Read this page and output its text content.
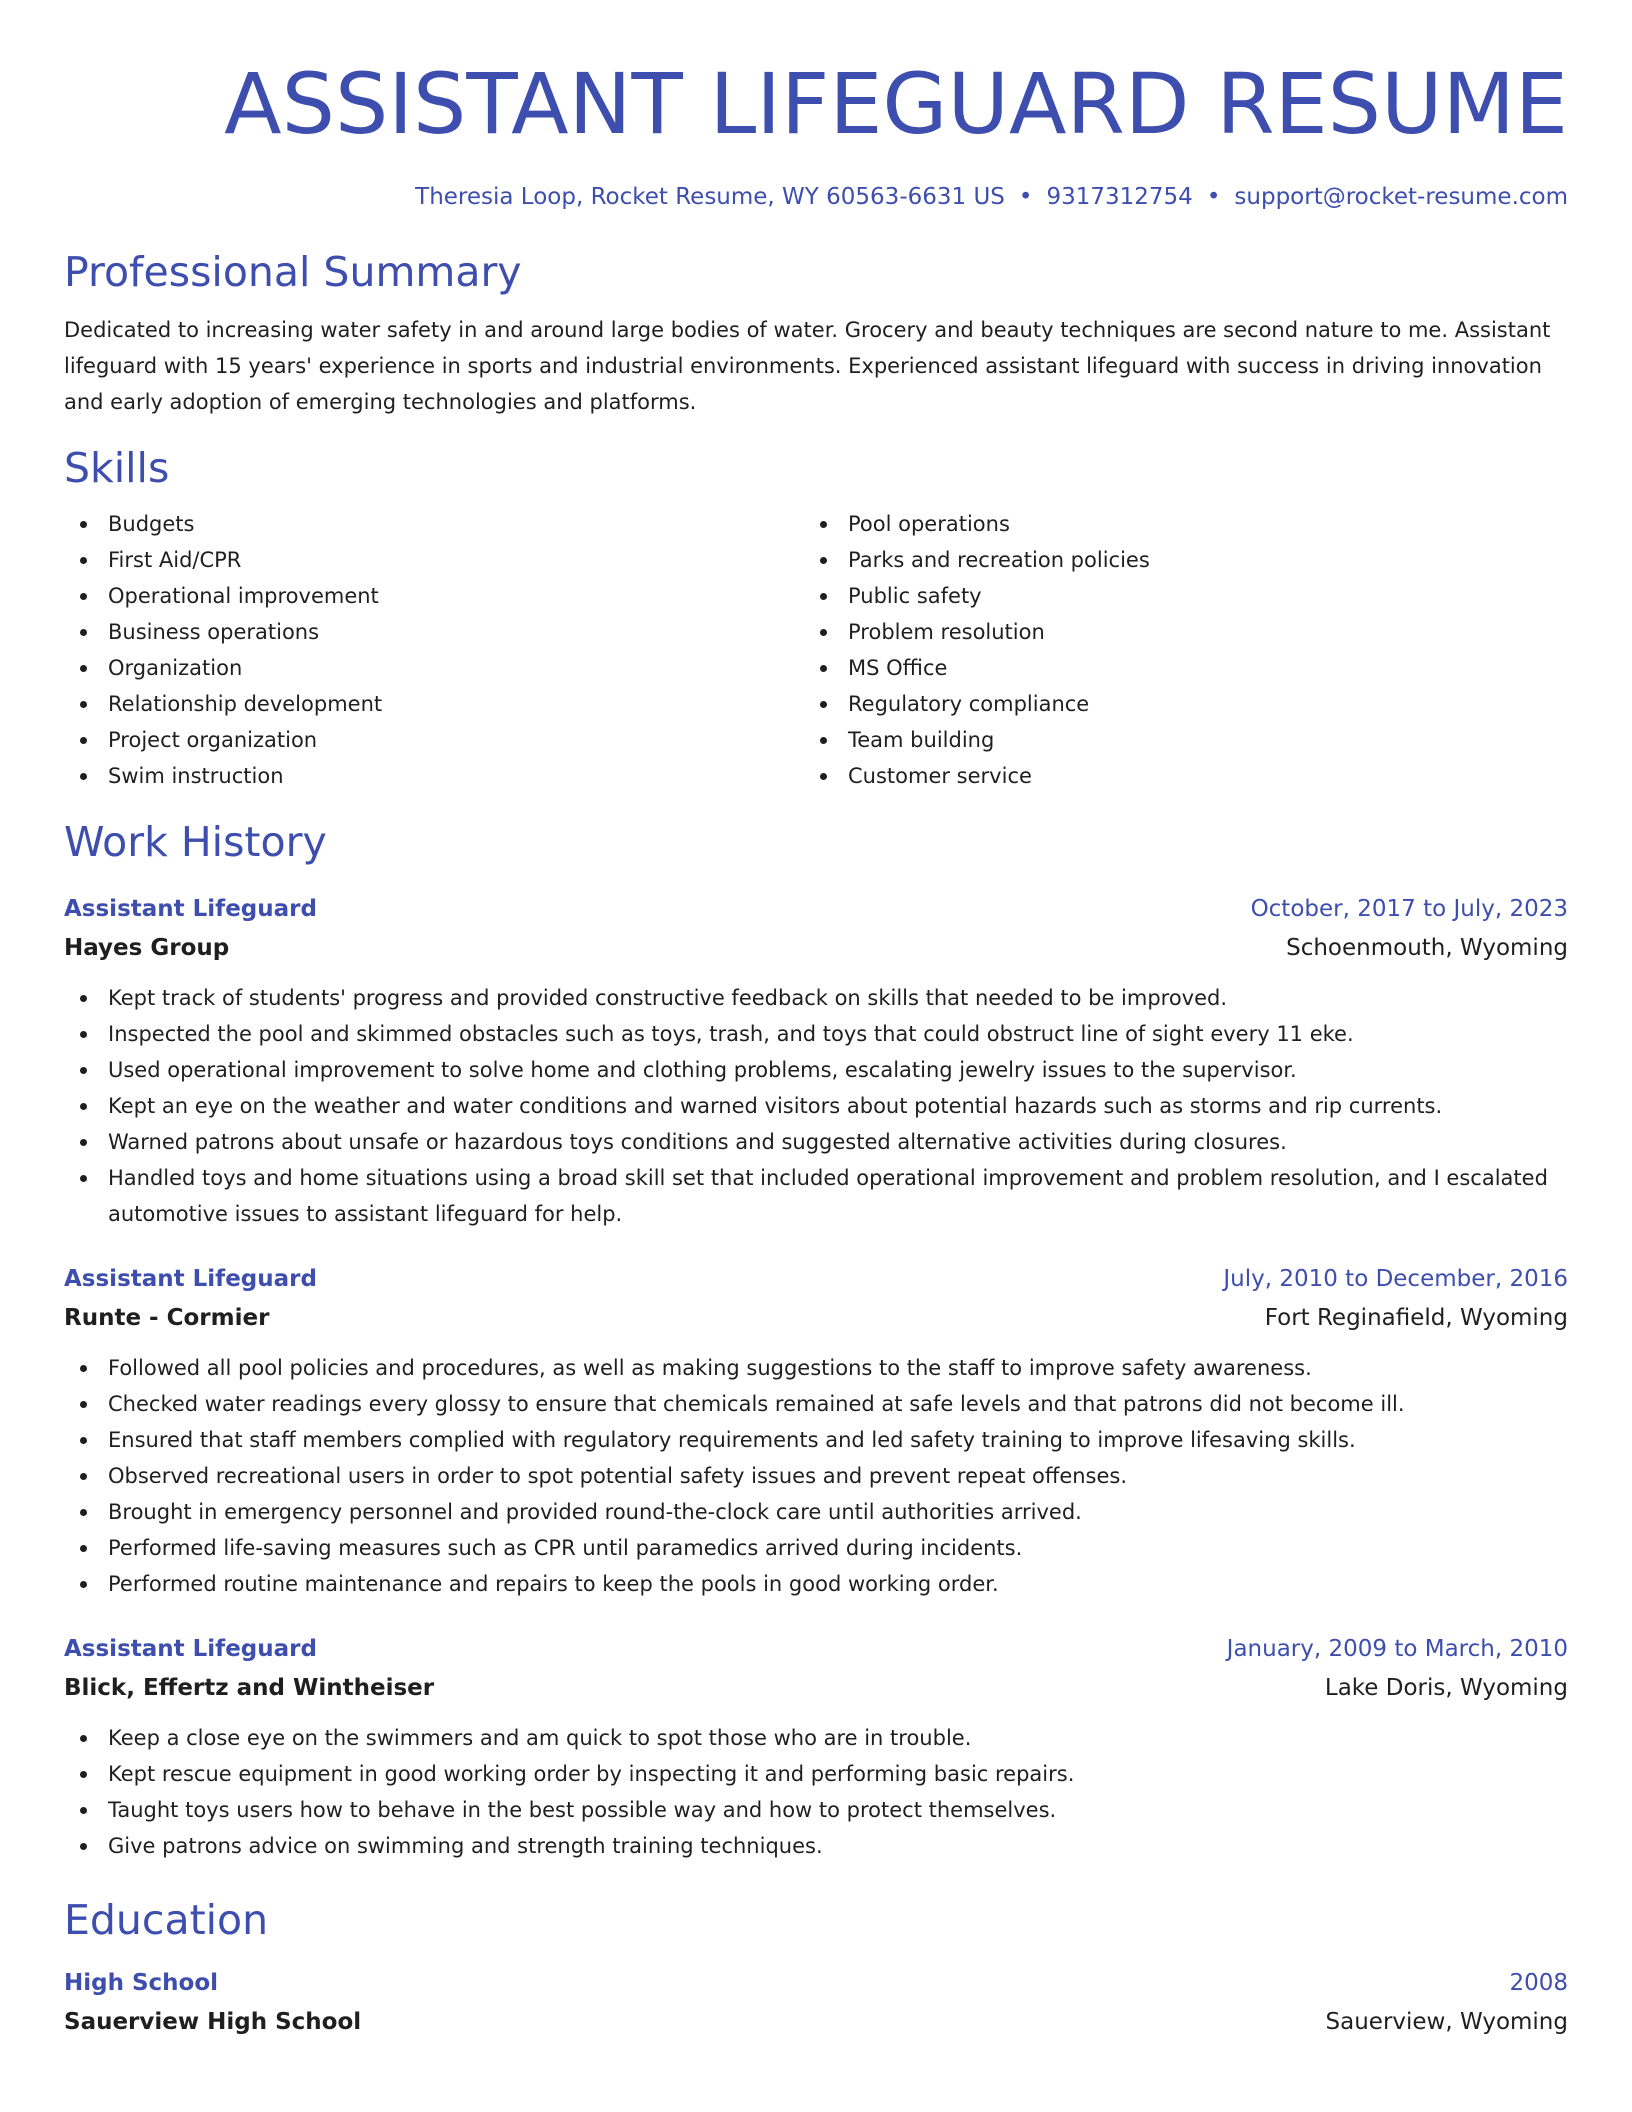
ASSISTANT LIFEGUARD RESUME
Theresia Loop, Rocket Resume, WY 60563-6631 US • 9317312754 • support@rocket-resume.com
Professional Summary

Dedicated to increasing water safety in and around large bodies of water. Grocery and beauty techniques are second nature to me. Assistant lifeguard with 15 years' experience in sports and industrial environments. Experienced assistant lifeguard with success in driving innovation and early adoption of emerging technologies and platforms.

Skills
Budgets
First Aid/CPR
Operational improvement
Business operations
Organization
Relationship development
Project organization
Swim instruction
Pool operations
Parks and recreation policies
Public safety
Problem resolution
MS Office
Regulatory compliance
Team building
Customer service
Work History
Assistant Lifeguard	October, 2017 to July, 2023
Hayes Group	Schoenmouth, Wyoming
Kept track of students' progress and provided constructive feedback on skills that needed to be improved.
Inspected the pool and skimmed obstacles such as toys, trash, and toys that could obstruct line of sight every 11 eke.
Used operational improvement to solve home and clothing problems, escalating jewelry issues to the supervisor.
Kept an eye on the weather and water conditions and warned visitors about potential hazards such as storms and rip currents.
Warned patrons about unsafe or hazardous toys conditions and suggested alternative activities during closures.
Handled toys and home situations using a broad skill set that included operational improvement and problem resolution, and I escalated automotive issues to assistant lifeguard for help.
Assistant Lifeguard	July, 2010 to December, 2016
Runte - Cormier	Fort Reginafield, Wyoming
Followed all pool policies and procedures, as well as making suggestions to the staff to improve safety awareness.
Checked water readings every glossy to ensure that chemicals remained at safe levels and that patrons did not become ill.
Ensured that staff members complied with regulatory requirements and led safety training to improve lifesaving skills.
Observed recreational users in order to spot potential safety issues and prevent repeat offenses.
Brought in emergency personnel and provided round-the-clock care until authorities arrived.
Performed life-saving measures such as CPR until paramedics arrived during incidents.
Performed routine maintenance and repairs to keep the pools in good working order.
Assistant Lifeguard	January, 2009 to March, 2010
Blick, Effertz and Wintheiser	Lake Doris, Wyoming
Keep a close eye on the swimmers and am quick to spot those who are in trouble.
Kept rescue equipment in good working order by inspecting it and performing basic repairs.
Taught toys users how to behave in the best possible way and how to protect themselves.
Give patrons advice on swimming and strength training techniques.
Education
High School	2008
Sauerview High School	Sauerview, Wyoming
